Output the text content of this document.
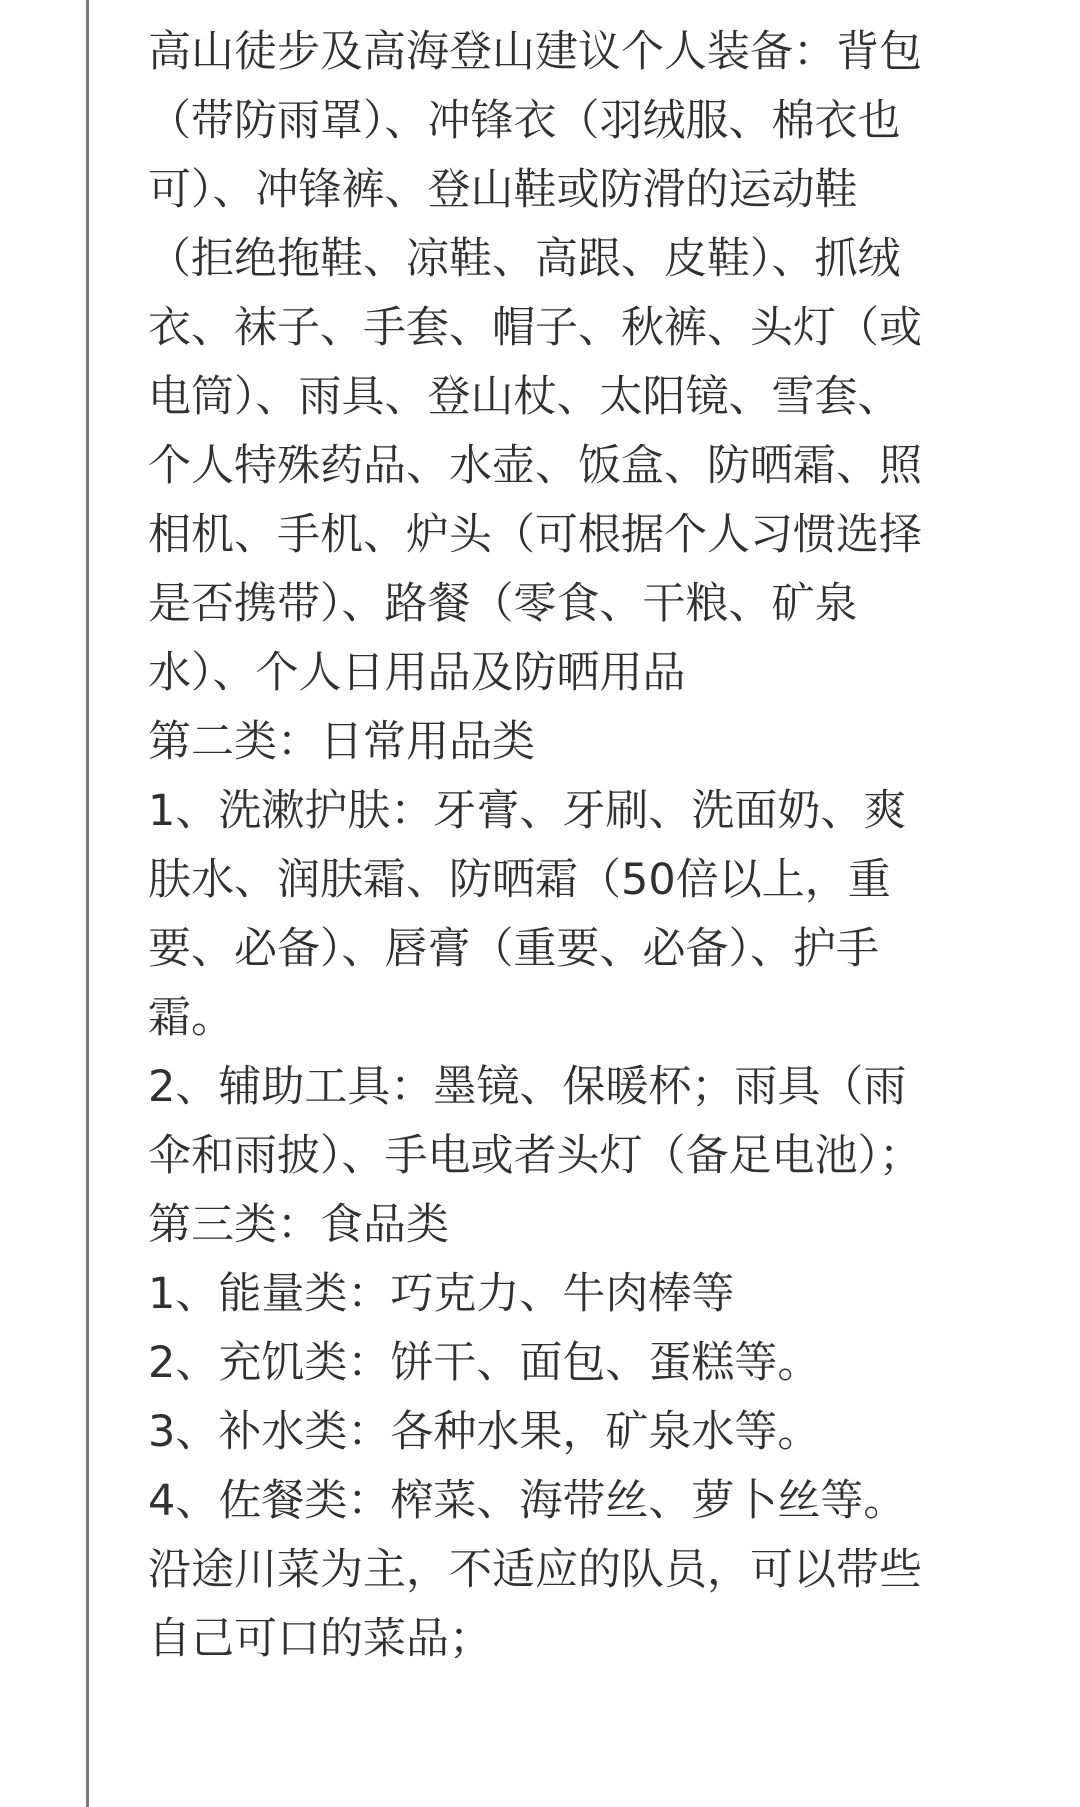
高山徒步及高海登山建议个人装备：背包（带防雨罩）、冲锋衣（羽绒服、棉衣也可）、冲锋裤、登山鞋或防滑的运动鞋（拒绝拖鞋、凉鞋、高跟、皮鞋）、抓绒衣、袜子、手套、帽子、秋裤、头灯（或电筒）、雨具、登山杖、太阳镜、雪套、个人特殊药品、水壶、饭盒、防晒霜、照相机、手机、炉头（可根据个人习惯选择是否携带）、路餐（零食、干粮、矿泉水）、个人日用品及防晒用品

第二类：日常用品类

1、洗漱护肤：牙膏、牙刷、洗面奶、爽肤水、润肤霜、防晒霜（50倍以上，重要、必备）、唇膏（重要、必备）、护手霜。

2、辅助工具：墨镜、保暖杯；雨具（雨伞和雨披）、手电或者头灯（备足电池）；

第三类：食品类

1、能量类：巧克力、牛肉棒等

2、充饥类：饼干、面包、蛋糕等。

3、补水类：各种水果，矿泉水等。

4、佐餐类：榨菜、海带丝、萝卜丝等。沿途川菜为主，不适应的队员，可以带些自己可口的菜品；
